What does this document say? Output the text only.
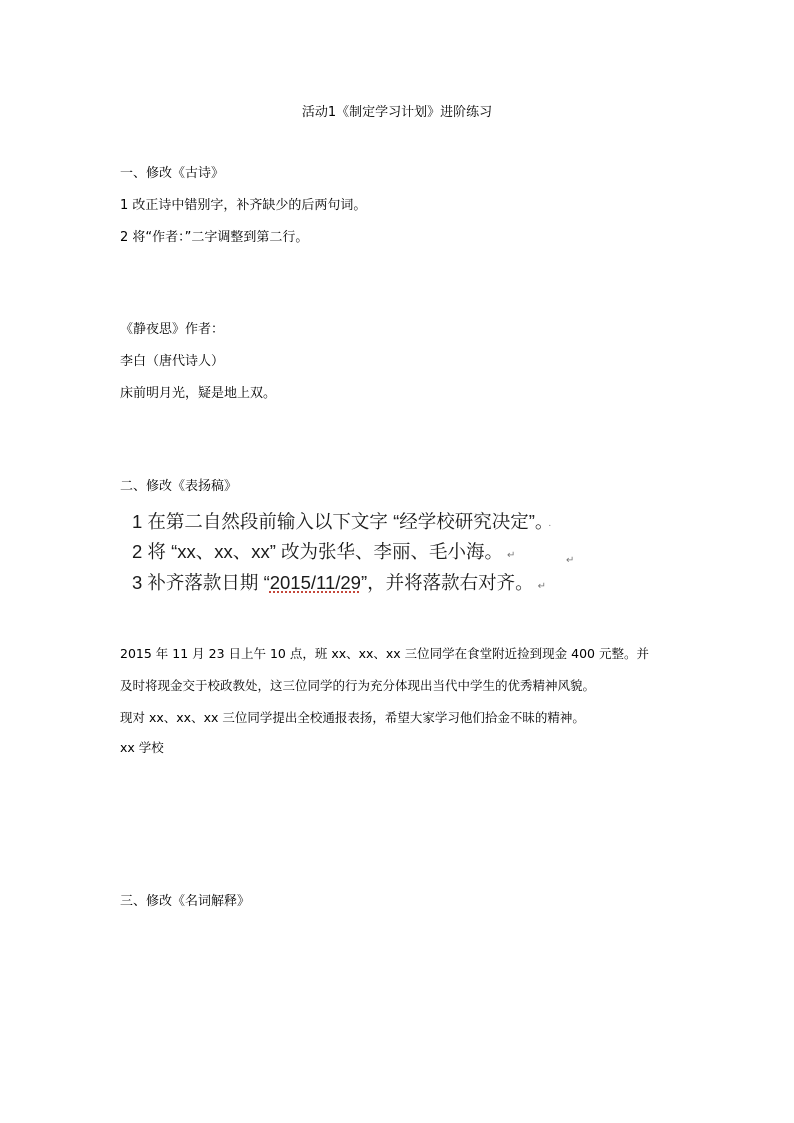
活动1《制定学习计划》进阶练习
一、修改《古诗》
1 改正诗中错别字，补齐缺少的后两句词。
2 将“作者：”二字调整到第二行。
《静夜思》作者：
李白（唐代诗人）
床前明月光，疑是地上双。
二、修改《表扬稿》
1 在第二自然段前输入以下文字 “经学校研究决定”。 ·
2 将 “xx、xx、xx” 改为张华、李丽、毛小海。 ↵	↵
3 补齐落款日期 “2015/11/29”，并将落款右对齐。 ↵
2015 年 11 月 23 日上午 10 点，班 xx、xx、xx 三位同学在食堂附近捡到现金 400 元整。并
及时将现金交于校政教处，这三位同学的行为充分体现出当代中学生的优秀精神风貌。
现对 xx、xx、xx 三位同学提出全校通报表扬，希望大家学习他们拾金不昧的精神。
xx 学校
三、修改《名词解释》
